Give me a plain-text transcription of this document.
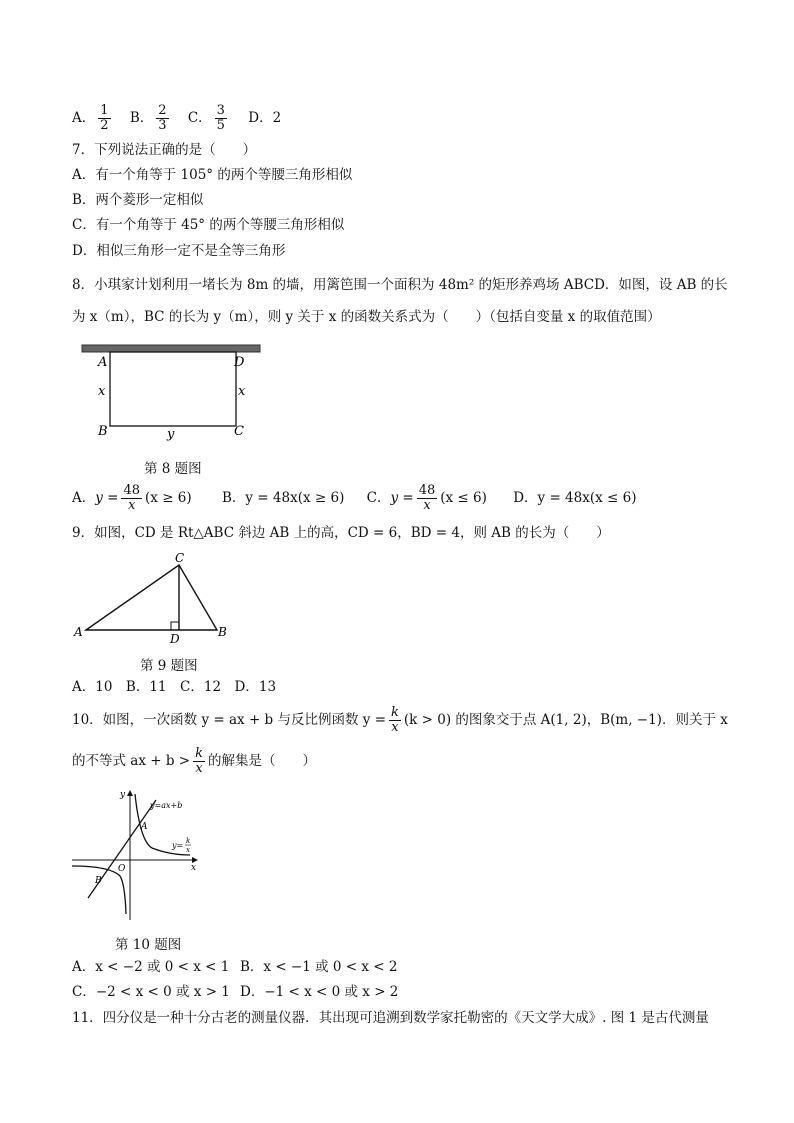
A． $\frac{1}{2}$ B． $\frac{2}{3}$ C． $\frac{3}{5}$ D．2
7．下列说法正确的是（　　）
A．有一个角等于 105° 的两个等腰三角形相似
B．两个菱形一定相似
C．有一个角等于 45° 的两个等腰三角形相似
D．相似三角形一定不是全等三角形
8．小琪家计划利用一堵长为 8m 的墙，用篱笆围一个面积为 48m² 的矩形养鸡场 ABCD．如图，设 AB 的长
为 x（m），BC 的长为 y（m），则 y 关于 x 的函数关系式为（　　）（包括自变量 x 的取值范围）
A	D
x	x
B	y	C
第 8 题图
A．$y = \frac{48}{x} (x \ge 6)$ B．y = 48x(x ≥ 6) C．$y = \frac{48}{x} (x \le 6)$ D．y = 48x(x ≤ 6)
9．如图，CD 是 Rt△ABC 斜边 AB 上的高，CD = 6，BD = 4，则 AB 的长为（　　）
C
A	D	B
第 9 题图
A．10　B．11　C．12　D．13
10．如图，一次函数 y = ax + b 与反比例函数 $y = \frac{k}{x} (k > 0)$ 的图象交于点 A(1, 2)，B(m, −1)．则关于 x
的不等式 ax + $b > \frac{k}{x}$ 的解集是（　　）
y
x
O
A
B
y=ax+b
y= k
x
第 10 题图
A．x < −2 或 0 < x < 1 B．x < −1 或 0 < x < 2
C．−2 < x < 0 或 x > 1 D．−1 < x < 0 或 x > 2
11．四分仪是一种十分古老的测量仪器．其出现可追溯到数学家托勒密的《天文学大成》. 图 1 是古代测量
